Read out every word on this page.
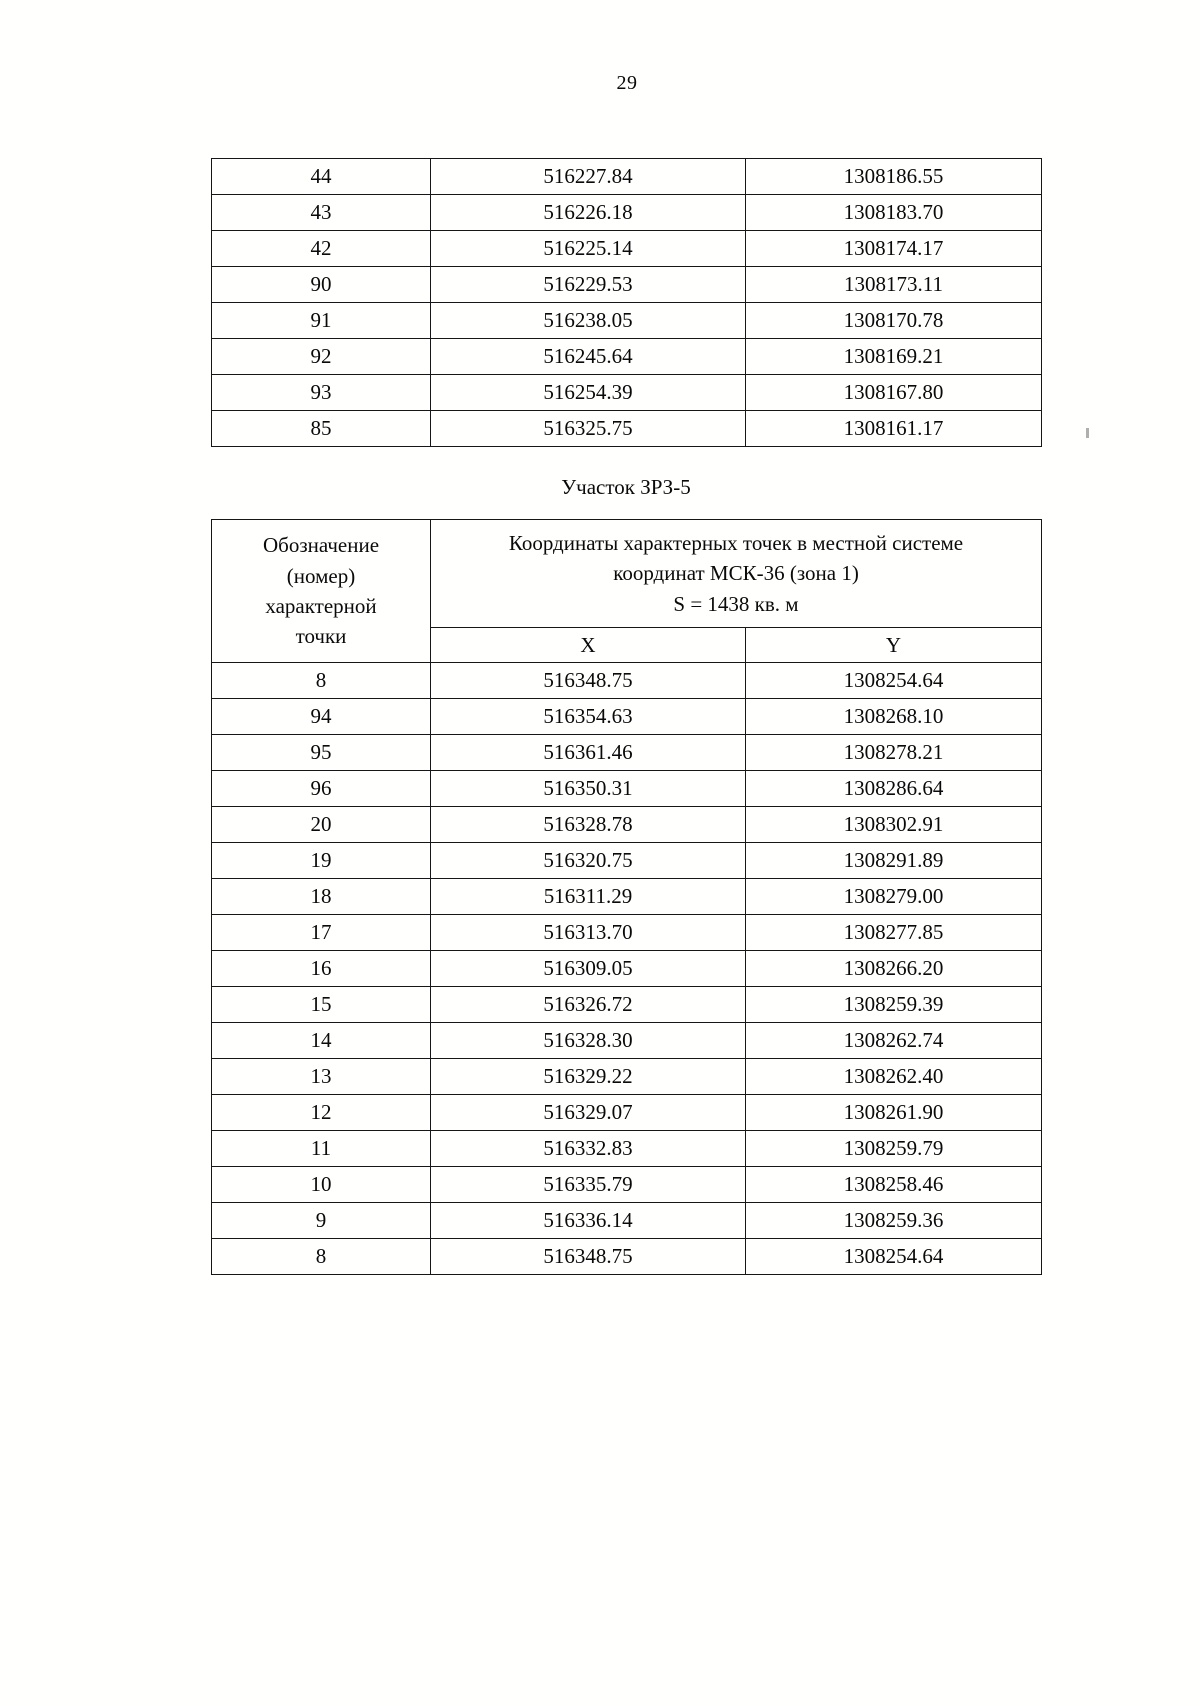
29
44	516227.84	1308186.55
43	516226.18	1308183.70
42	516225.14	1308174.17
90	516229.53	1308173.11
91	516238.05	1308170.78
92	516245.64	1308169.21
93	516254.39	1308167.80
85	516325.75	1308161.17
Участок ЗРЗ-5
Обозначение
(номер)
характерной
точки

Координаты характерных точек в местной системе
координат МСК-36 (зона 1)
S = 1438 кв. м

	X	Y
8	516348.75	1308254.64
94	516354.63	1308268.10
95	516361.46	1308278.21
96	516350.31	1308286.64
20	516328.78	1308302.91
19	516320.75	1308291.89
18	516311.29	1308279.00
17	516313.70	1308277.85
16	516309.05	1308266.20
15	516326.72	1308259.39
14	516328.30	1308262.74
13	516329.22	1308262.40
12	516329.07	1308261.90
11	516332.83	1308259.79
10	516335.79	1308258.46
9	516336.14	1308259.36
8	516348.75	1308254.64
